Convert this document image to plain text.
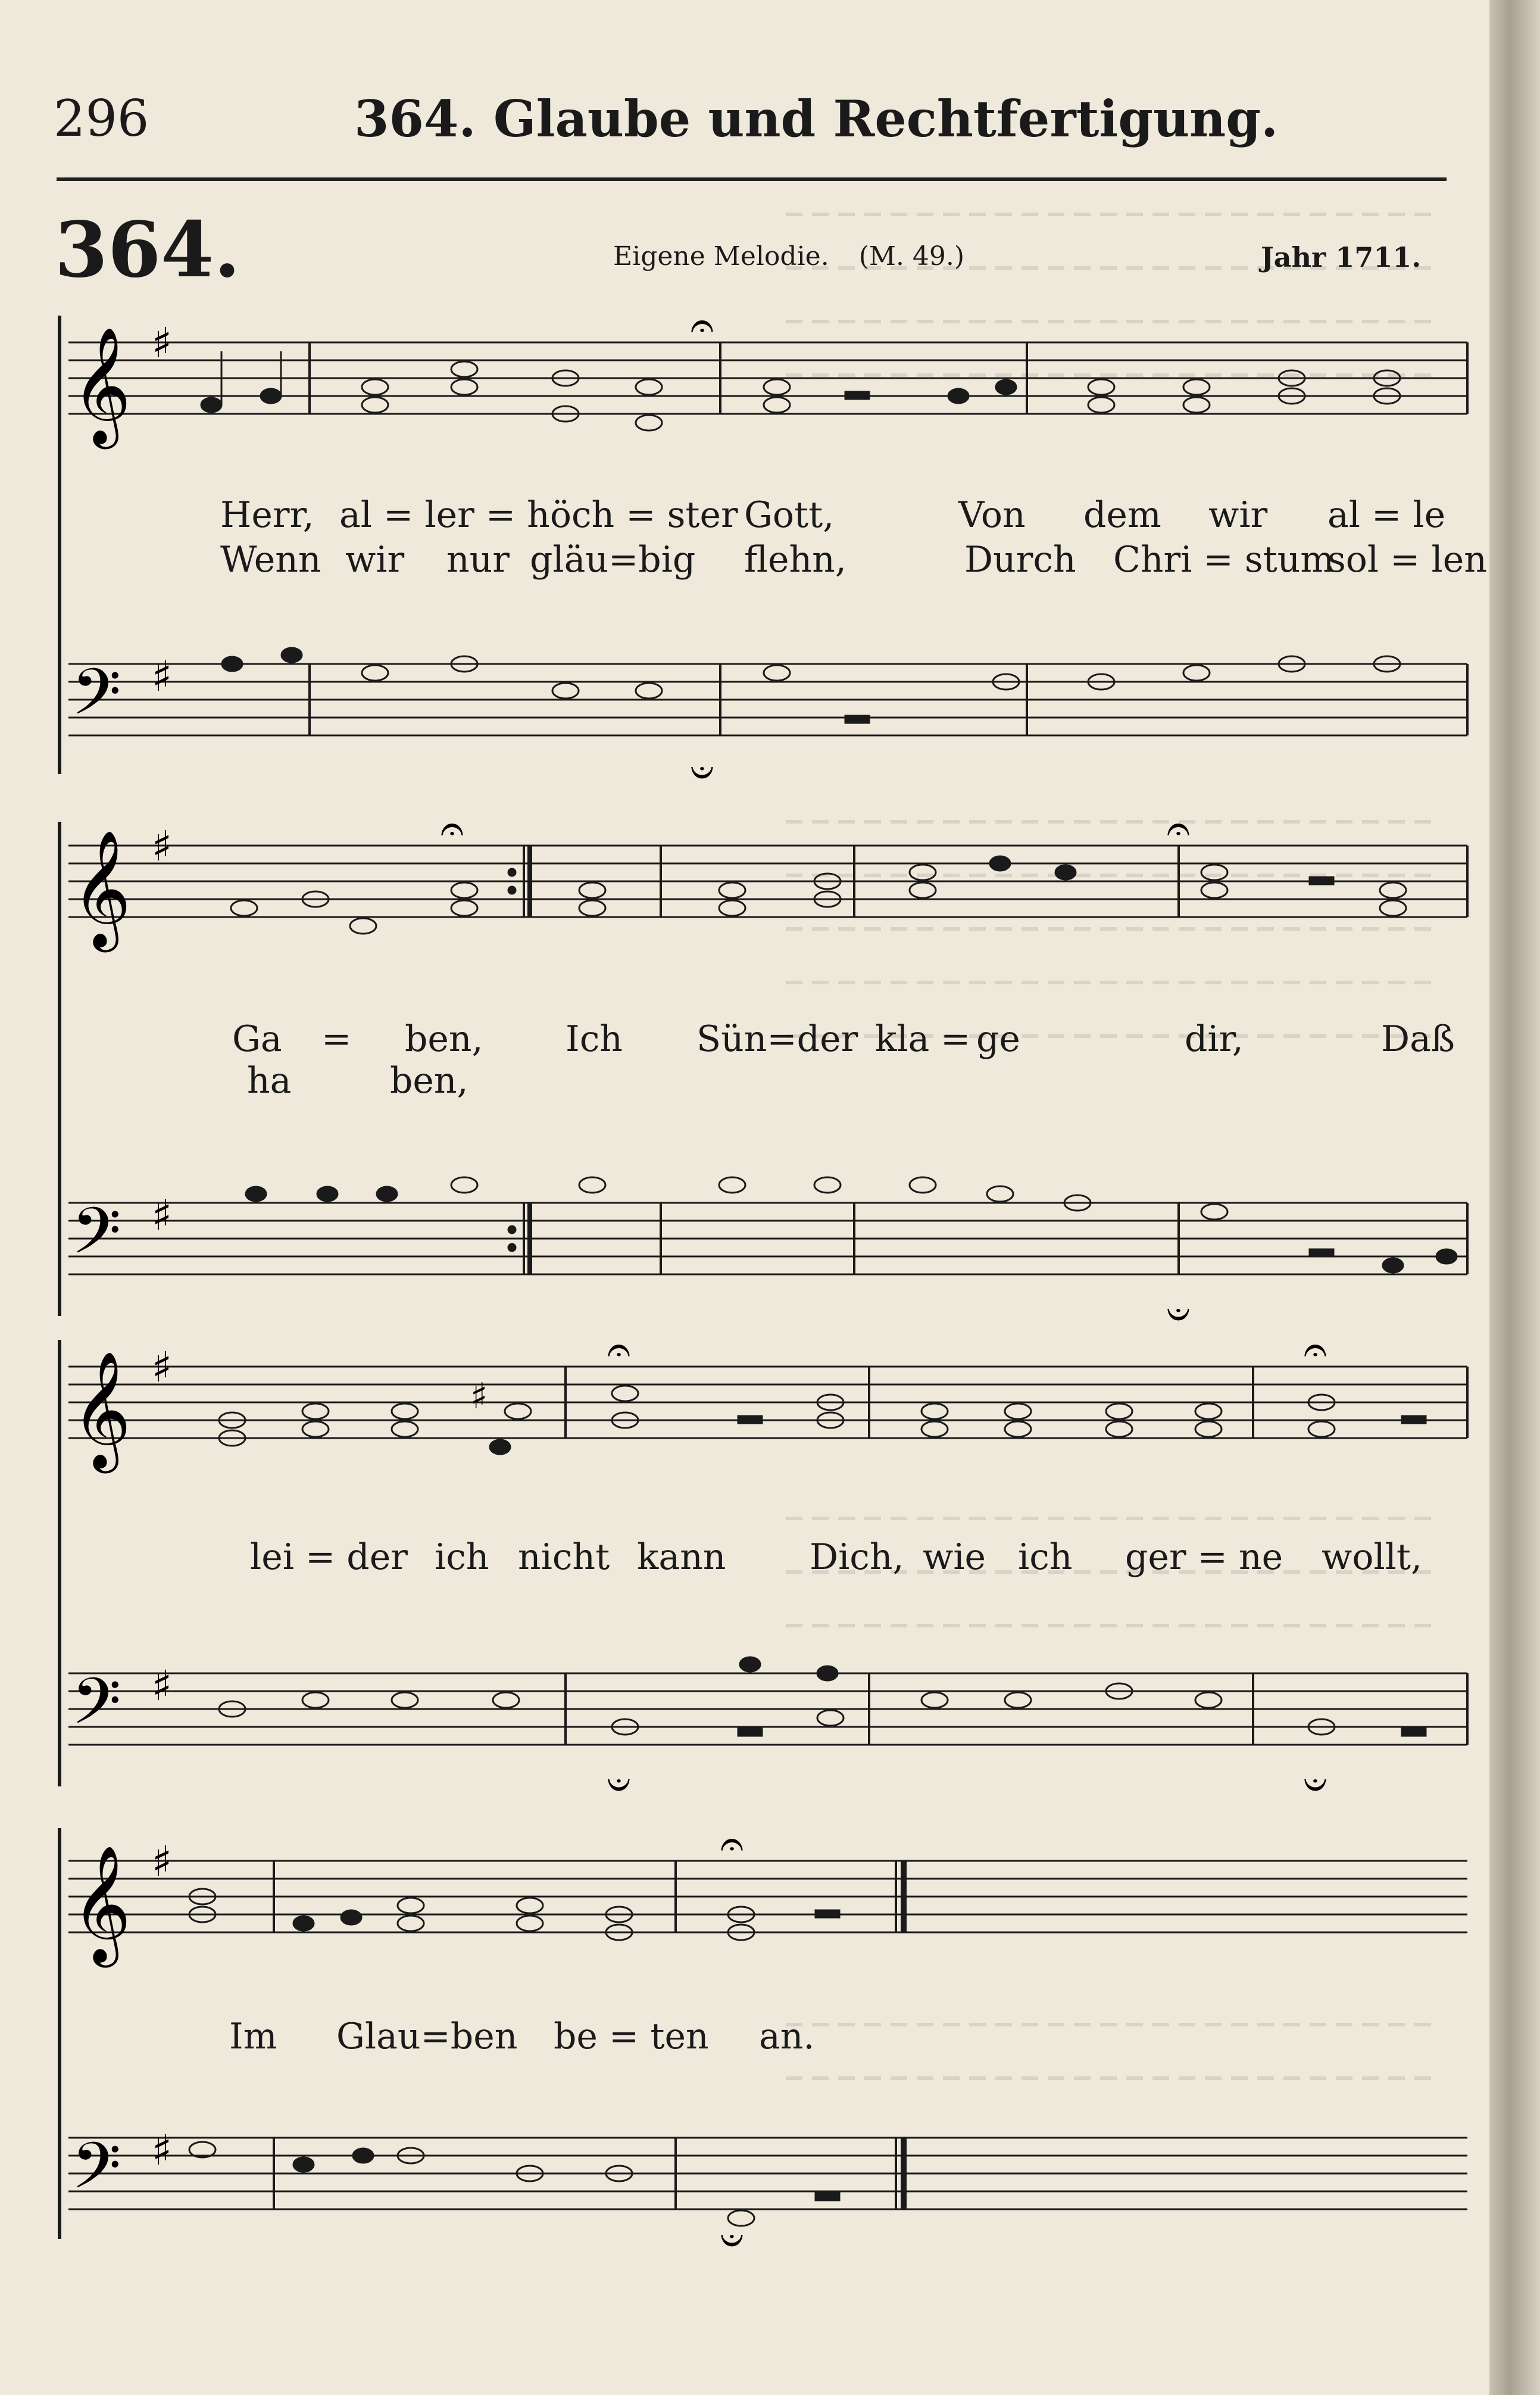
296	364. Glaube und Rechtfertigung.
364.	Eigene Melodie. (M. 49.)	Jahr 1711.
𝄞 ♯
𝄢 ♯
𝄐
𝄑
Herr, al = ler = höch = ster Gott,	Von dem wir al = le
Wenn wir nur gläu=big flehn,	Durch Chri = stum
sol = len
𝄞 ♯
𝄢 ♯
𝄐	𝄐
𝄑
Ga = ben, Ich Sün=der kla = ge	dir,	Daß
ha	ben,
𝄞 ♯
𝄢 ♯
♯
𝄐	𝄐
𝄑	𝄑
lei = der ich nicht kann Dich, wie ich ger = ne wollt,
𝄞 ♯
𝄢 ♯
𝄐
𝄑
Im Glau=ben be = ten an.
